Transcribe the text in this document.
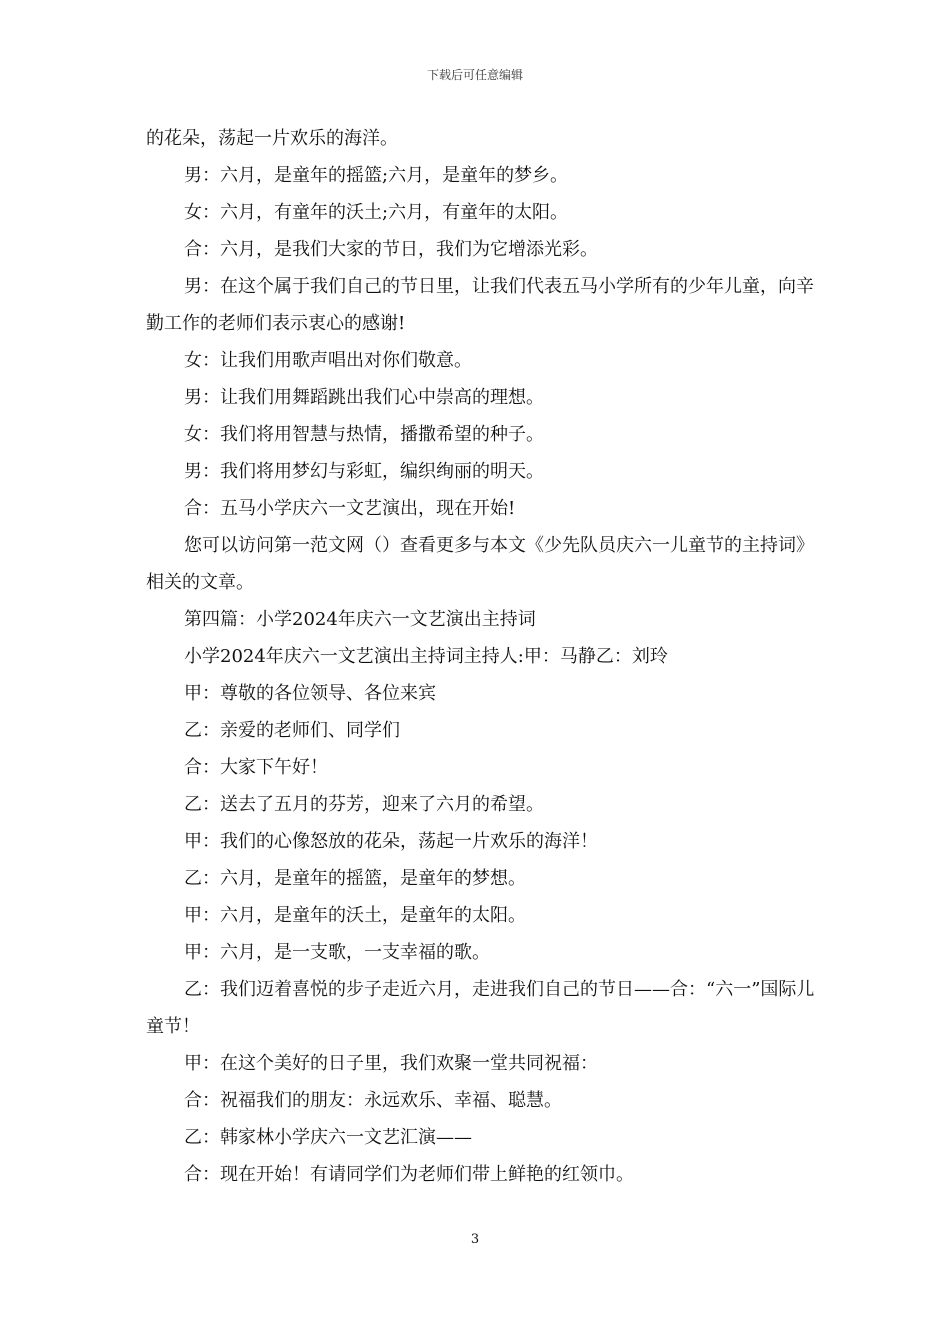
下载后可任意编辑
的花朵，荡起一片欢乐的海洋。
男：六月，是童年的摇篮;六月，是童年的梦乡。
女：六月，有童年的沃土;六月，有童年的太阳。
合：六月，是我们大家的节日，我们为它增添光彩。
男：在这个属于我们自己的节日里，让我们代表五马小学所有的少年儿童，向辛勤工作的老师们表示衷心的感谢!
女：让我们用歌声唱出对你们敬意。
男：让我们用舞蹈跳出我们心中崇高的理想。
女：我们将用智慧与热情，播撒希望的种子。
男：我们将用梦幻与彩虹，编织绚丽的明天。
合：五马小学庆六一文艺演出，现在开始!
您可以访问第一范文网（）查看更多与本文《少先队员庆六一儿童节的主持词》相关的文章。
第四篇：小学2024年庆六一文艺演出主持词
小学2024年庆六一文艺演出主持词主持人:甲：马静乙：刘玲
甲：尊敬的各位领导、各位来宾
乙：亲爱的老师们、同学们
合：大家下午好！
乙：送去了五月的芬芳，迎来了六月的希望。
甲：我们的心像怒放的花朵，荡起一片欢乐的海洋！
乙：六月，是童年的摇篮，是童年的梦想。
甲：六月，是童年的沃土，是童年的太阳。
甲：六月，是一支歌，一支幸福的歌。
乙：我们迈着喜悦的步子走近六月，走进我们自己的节日——合：“六一”国际儿童节！
甲：在这个美好的日子里，我们欢聚一堂共同祝福：
合：祝福我们的朋友：永远欢乐、幸福、聪慧。
乙：韩家林小学庆六一文艺汇演——
合：现在开始！有请同学们为老师们带上鲜艳的红领巾。
3
